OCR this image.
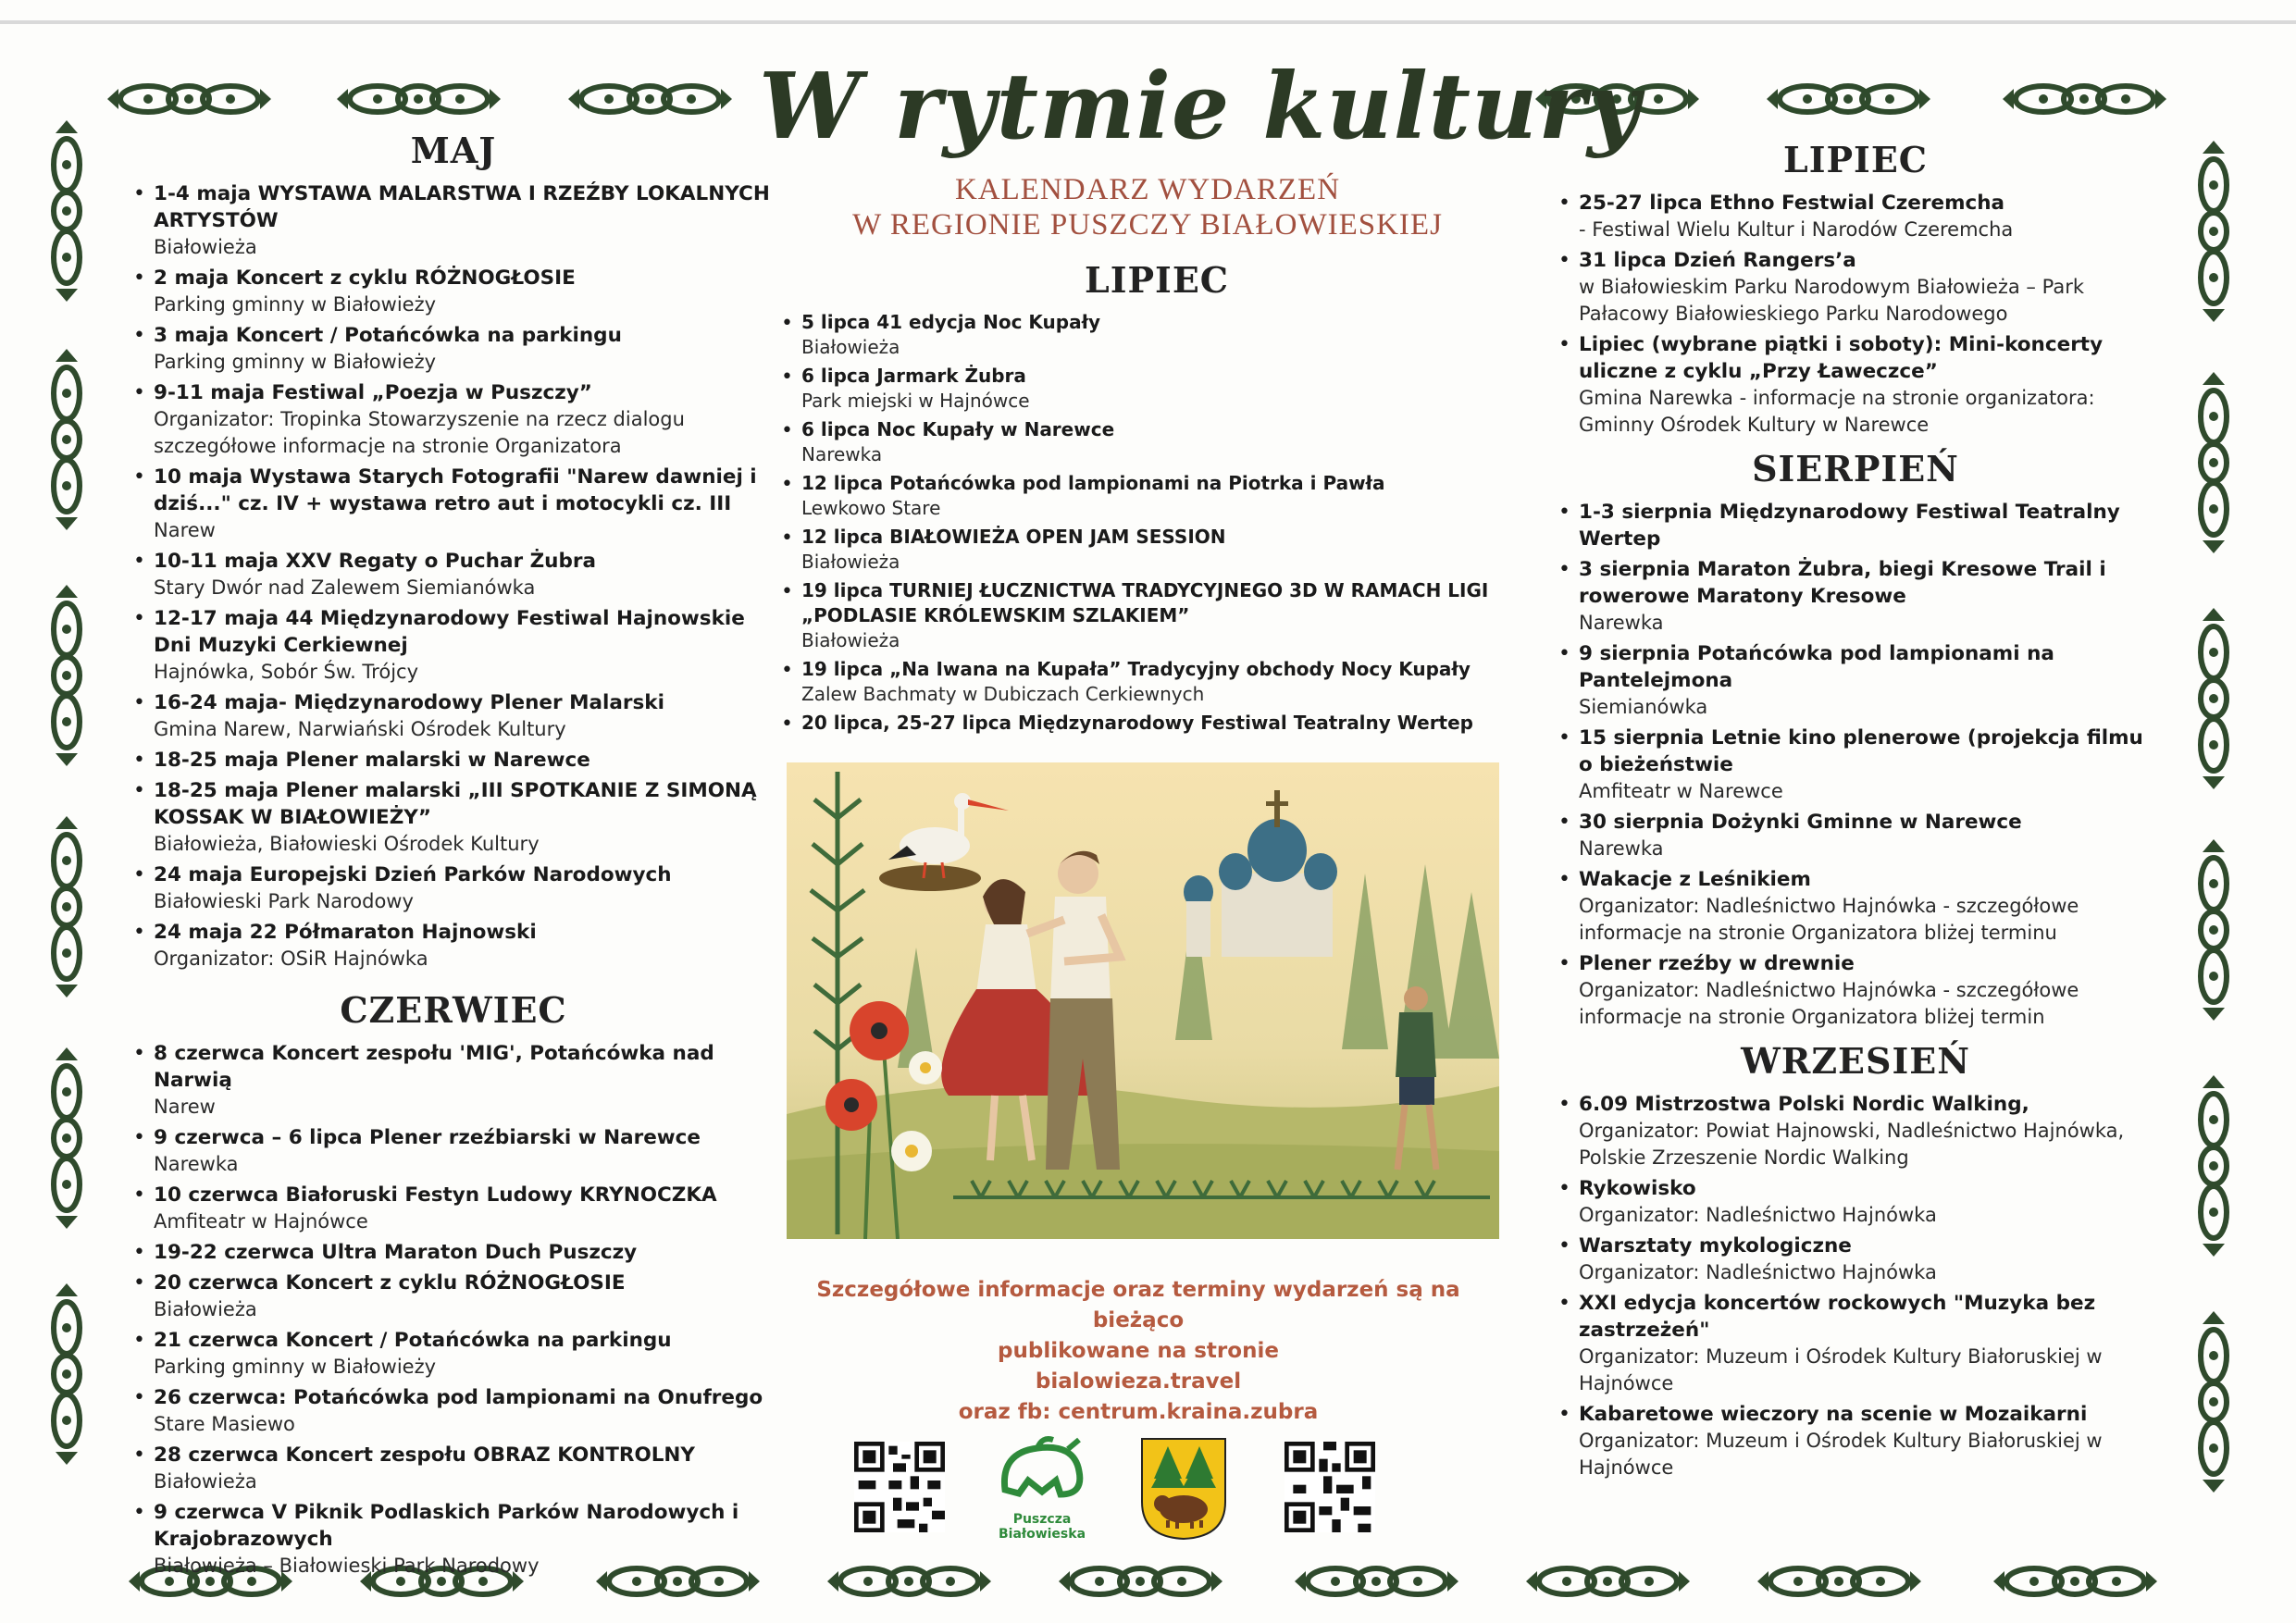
W rytmie kultury
KALENDARZ WYDARZEŃ
W REGIONIE PUSZCZY BIAŁOWIESKIEJ
MAJ
• 1-4 maja WYSTAWA MALARSTWA I RZEŹBY LOKALNYCH ARTYSTÓW
Białowieża
• 2 maja Koncert z cyklu RÓŻNOGŁOSIE
Parking gminny w Białowieży
• 3 maja Koncert / Potańcówka na parkingu
Parking gminny w Białowieży
• 9-11 maja Festiwal „Poezja w Puszczy”
Organizator: Tropinka Stowarzyszenie na rzecz dialogu szczegółowe informacje na stronie Organizatora
• 10 maja Wystawa Starych Fotografii "Narew dawniej i dziś..." cz. IV + wystawa retro aut i motocykli cz. III
Narew
• 10-11 maja XXV Regaty o Puchar Żubra
Stary Dwór nad Zalewem Siemianówka
• 12-17 maja 44 Międzynarodowy Festiwal Hajnowskie Dni Muzyki Cerkiewnej
Hajnówka, Sobór Św. Trójcy
• 16-24 maja- Międzynarodowy Plener Malarski
Gmina Narew, Narwiański Ośrodek Kultury
• 18-25 maja Plener malarski w Narewce
• 18-25 maja Plener malarski „III SPOTKANIE Z SIMONĄ KOSSAK W BIAŁOWIEŻY”
Białowieża, Białowieski Ośrodek Kultury
• 24 maja Europejski Dzień Parków Narodowych
Białowieski Park Narodowy
• 24 maja 22 Półmaraton Hajnowski
Organizator: OSiR Hajnówka
CZERWIEC
• 8 czerwca Koncert zespołu 'MIG', Potańcówka nad Narwią
Narew
• 9 czerwca – 6 lipca Plener rzeźbiarski w Narewce
Narewka
• 10 czerwca Białoruski Festyn Ludowy KRYNOCZKA
Amfiteatr w Hajnówce
• 19-22 czerwca Ultra Maraton Duch Puszczy
• 20 czerwca Koncert z cyklu RÓŻNOGŁOSIE
Białowieża
• 21 czerwca Koncert / Potańcówka na parkingu
Parking gminny w Białowieży
• 26 czerwca: Potańcówka pod lampionami na Onufrego
Stare Masiewo
• 28 czerwca Koncert zespołu OBRAZ KONTROLNY
Białowieża
• 9 czerwca V Piknik Podlaskich Parków Narodowych i Krajobrazowych
Białowieża – Białowieski Park Narodowy
LIPIEC
• 5 lipca 41 edycja Noc Kupały
Białowieża
• 6 lipca Jarmark Żubra
Park miejski w Hajnówce
• 6 lipca Noc Kupały w Narewce
Narewka
• 12 lipca Potańcówka pod lampionami na Piotrka i Pawła
Lewkowo Stare
• 12 lipca BIAŁOWIEŻA OPEN JAM SESSION
Białowieża
• 19 lipca TURNIEJ ŁUCZNICTWA TRADYCYJNEGO 3D W RAMACH LIGI „PODLASIE KRÓLEWSKIM SZLAKIEM”
Białowieża
• 19 lipca „Na Iwana na Kupała” Tradycyjny obchody Nocy Kupały
Zalew Bachmaty w Dubiczach Cerkiewnych
• 20 lipca, 25-27 lipca Międzynarodowy Festiwal Teatralny Wertep
Szczegółowe informacje oraz terminy wydarzeń są na bieżąco
publikowane na stronie
bialowieza.travel
oraz fb: centrum.kraina.zubra
Puszcza
Białowieska
LIPIEC
• 25-27 lipca Ethno Festwial Czeremcha
- Festiwal Wielu Kultur i Narodów Czeremcha
• 31 lipca Dzień Rangers’a
w Białowieskim Parku Narodowym Białowieża – Park Pałacowy Białowieskiego Parku Narodowego
• Lipiec (wybrane piątki i soboty): Mini-koncerty uliczne z cyklu „Przy Ławeczce”
Gmina Narewka - informacje na stronie organizatora: Gminny Ośrodek Kultury w Narewce
SIERPIEŃ
• 1-3 sierpnia Międzynarodowy Festiwal Teatralny Wertep
• 3 sierpnia Maraton Żubra, biegi Kresowe Trail i rowerowe Maratony Kresowe
Narewka
• 9 sierpnia Potańcówka pod lampionami na Pantelejmona
Siemianówka
• 15 sierpnia Letnie kino plenerowe (projekcja filmu o bieżeństwie
Amfiteatr w Narewce
• 30 sierpnia Dożynki Gminne w Narewce
Narewka
• Wakacje z Leśnikiem
Organizator: Nadleśnictwo Hajnówka - szczegółowe informacje na stronie Organizatora bliżej terminu
• Plener rzeźby w drewnie
Organizator: Nadleśnictwo Hajnówka - szczegółowe informacje na stronie Organizatora bliżej termin
WRZESIEŃ
• 6.09 Mistrzostwa Polski Nordic Walking,
Organizator: Powiat Hajnowski, Nadleśnictwo Hajnówka, Polskie Zrzeszenie Nordic Walking
• Rykowisko
Organizator: Nadleśnictwo Hajnówka
• Warsztaty mykologiczne
Organizator: Nadleśnictwo Hajnówka
• XXI edycja koncertów rockowych "Muzyka bez zastrzeżeń"
Organizator: Muzeum i Ośrodek Kultury Białoruskiej w Hajnówce
• Kabaretowe wieczory na scenie w Mozaikarni
Organizator: Muzeum i Ośrodek Kultury Białoruskiej w Hajnówce
